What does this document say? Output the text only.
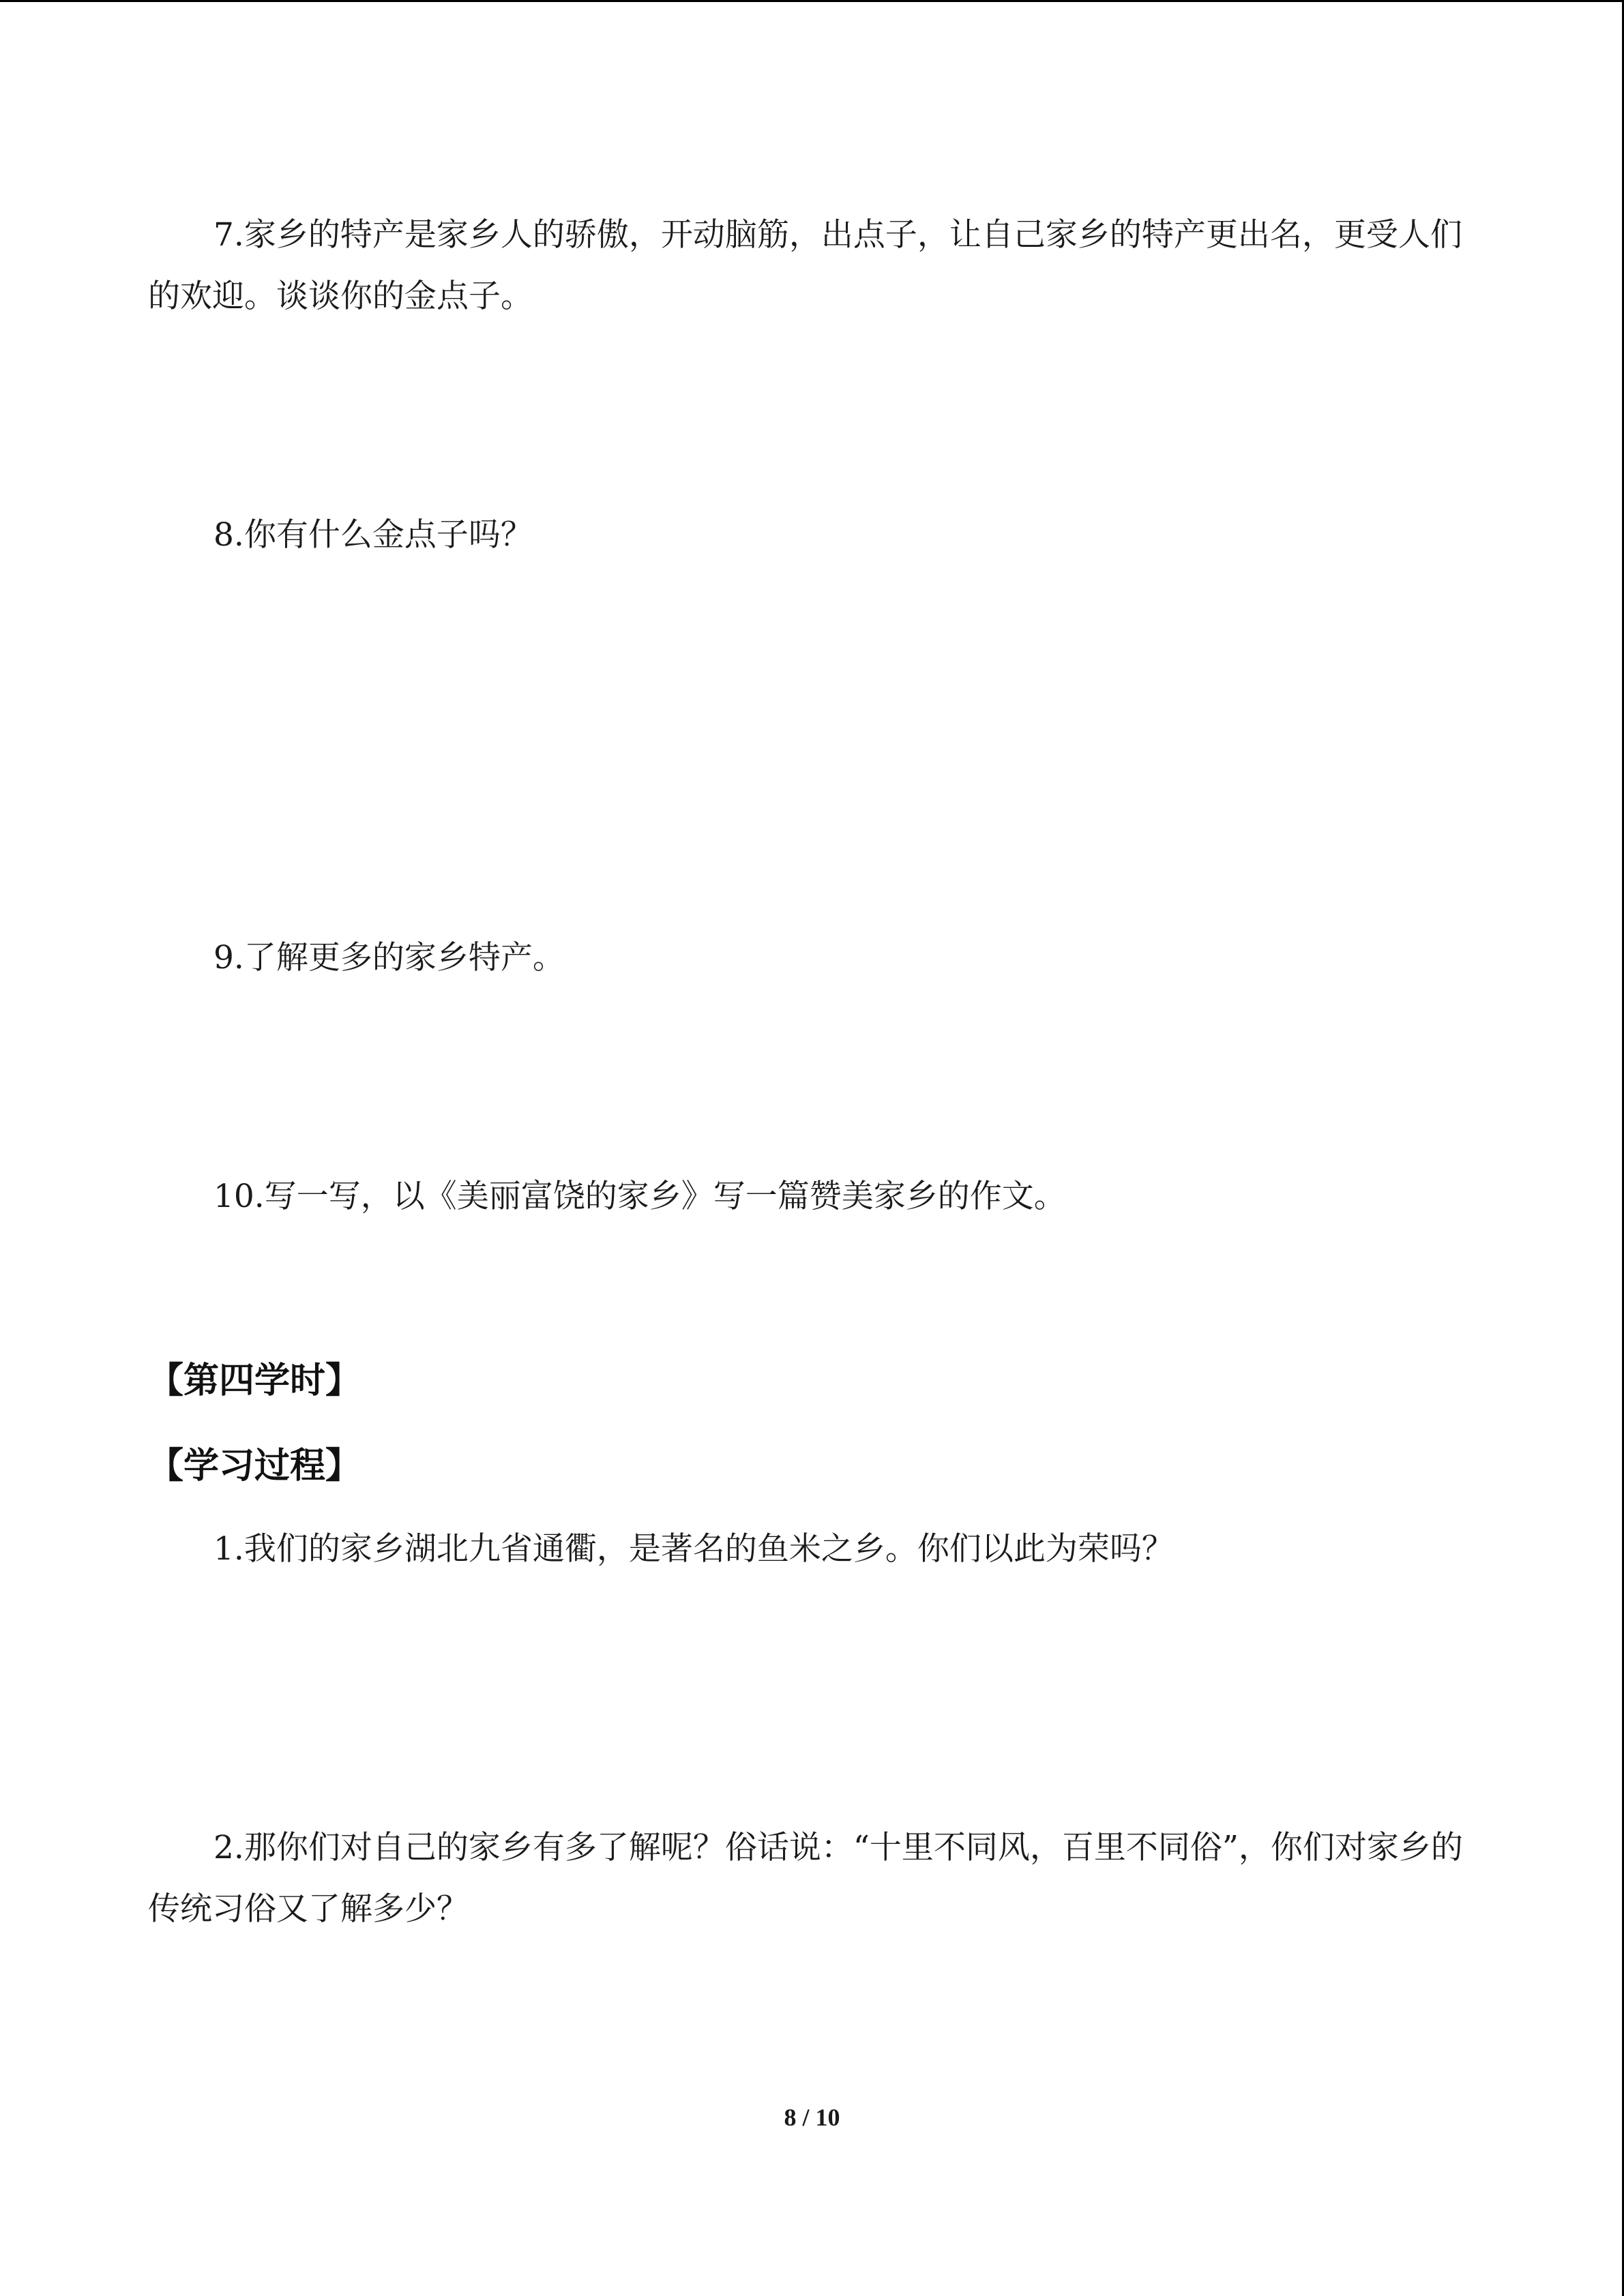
7.家乡的特产是家乡人的骄傲，开动脑筋，出点子，让自己家乡的特产更出名，更受人们的欢迎。谈谈你的金点子。

8.你有什么金点子吗？

9.了解更多的家乡特产。

10.写一写，以《美丽富饶的家乡》写一篇赞美家乡的作文。

【第四学时】
【学习过程】

1.我们的家乡湖北九省通衢，是著名的鱼米之乡。你们以此为荣吗？

2.那你们对自己的家乡有多了解呢？俗话说：“十里不同风，百里不同俗”，你们对家乡的传统习俗又了解多少？

8 / 10
